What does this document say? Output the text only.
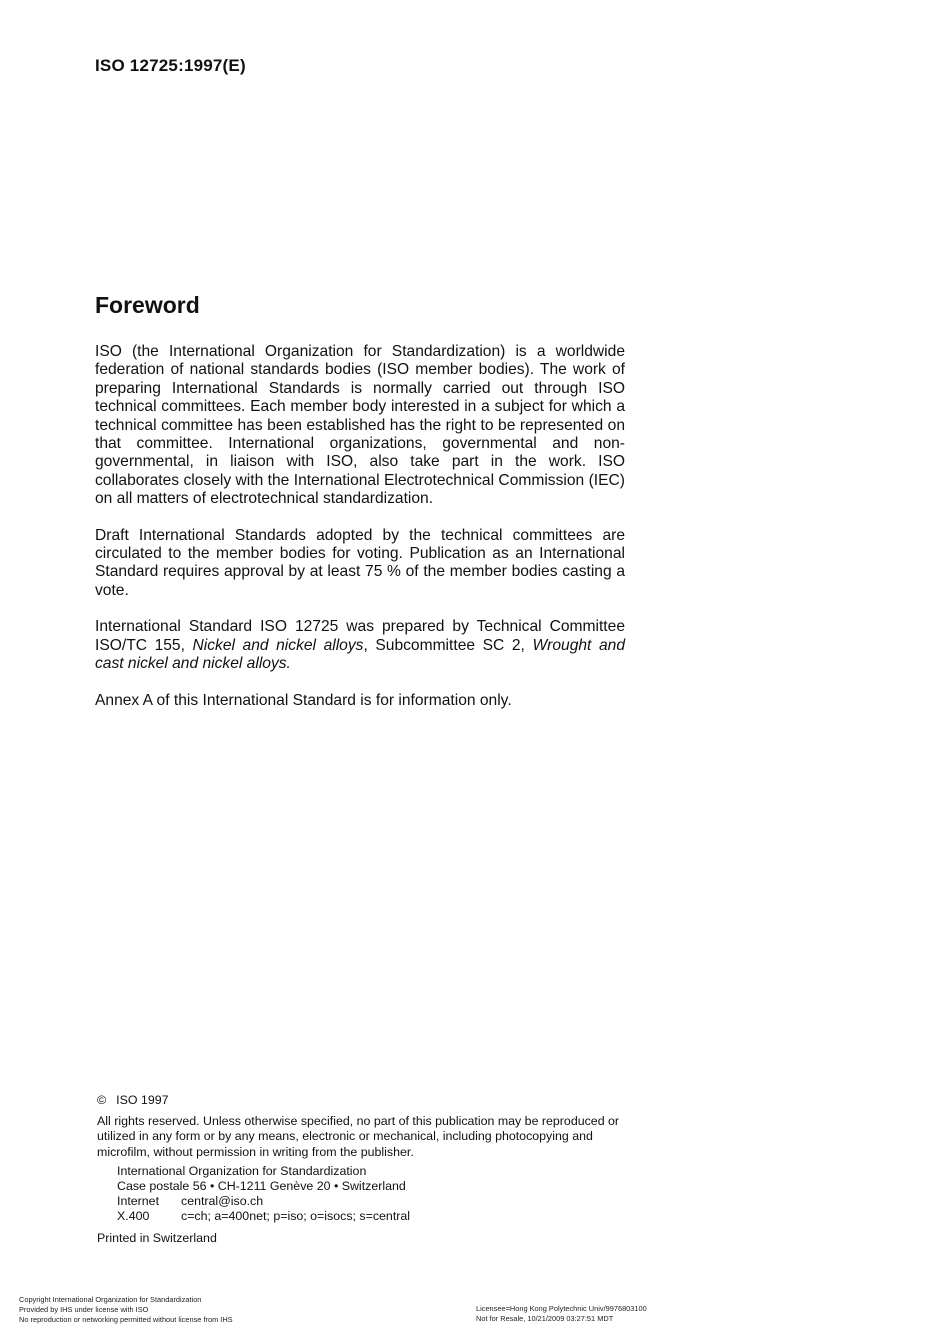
ISO 12725:1997(E)
Foreword

ISO (the International Organization for Standardization) is a worldwide federation of national standards bodies (ISO member bodies). The work of preparing International Standards is normally carried out through ISO technical committees. Each member body interested in a subject for which a technical committee has been established has the right to be represented on that committee. International organizations, governmental and non-governmental, in liaison with ISO, also take part in the work. ISO collaborates closely with the International Electrotechnical Commission (IEC) on all matters of electrotechnical standardization.

Draft International Standards adopted by the technical committees are circulated to the member bodies for voting. Publication as an International Standard requires approval by at least 75 % of the member bodies casting a vote.

International Standard ISO 12725 was prepared by Technical Committee ISO/TC 155, Nickel and nickel alloys, Subcommittee SC 2, Wrought and cast nickel and nickel alloys.

Annex A of this International Standard is for information only.

© ISO 1997
All rights reserved. Unless otherwise specified, no part of this publication may be reproduced or utilized in any form or by any means, electronic or mechanical, including photocopying and microfilm, without permission in writing from the publisher.
International Organization for Standardization
Case postale 56 • CH-1211 Genève 20 • Switzerland
Internet	central@iso.ch
X.400	c=ch; a=400net; p=iso; o=isocs; s=central
Printed in Switzerland
Copyright International Organization for Standardization
Provided by IHS under license with ISO
No reproduction or networking permitted without license from IHS
Licensee=Hong Kong Polytechnic Univ/9976803100
Not for Resale, 10/21/2009 03:27:51 MDT
